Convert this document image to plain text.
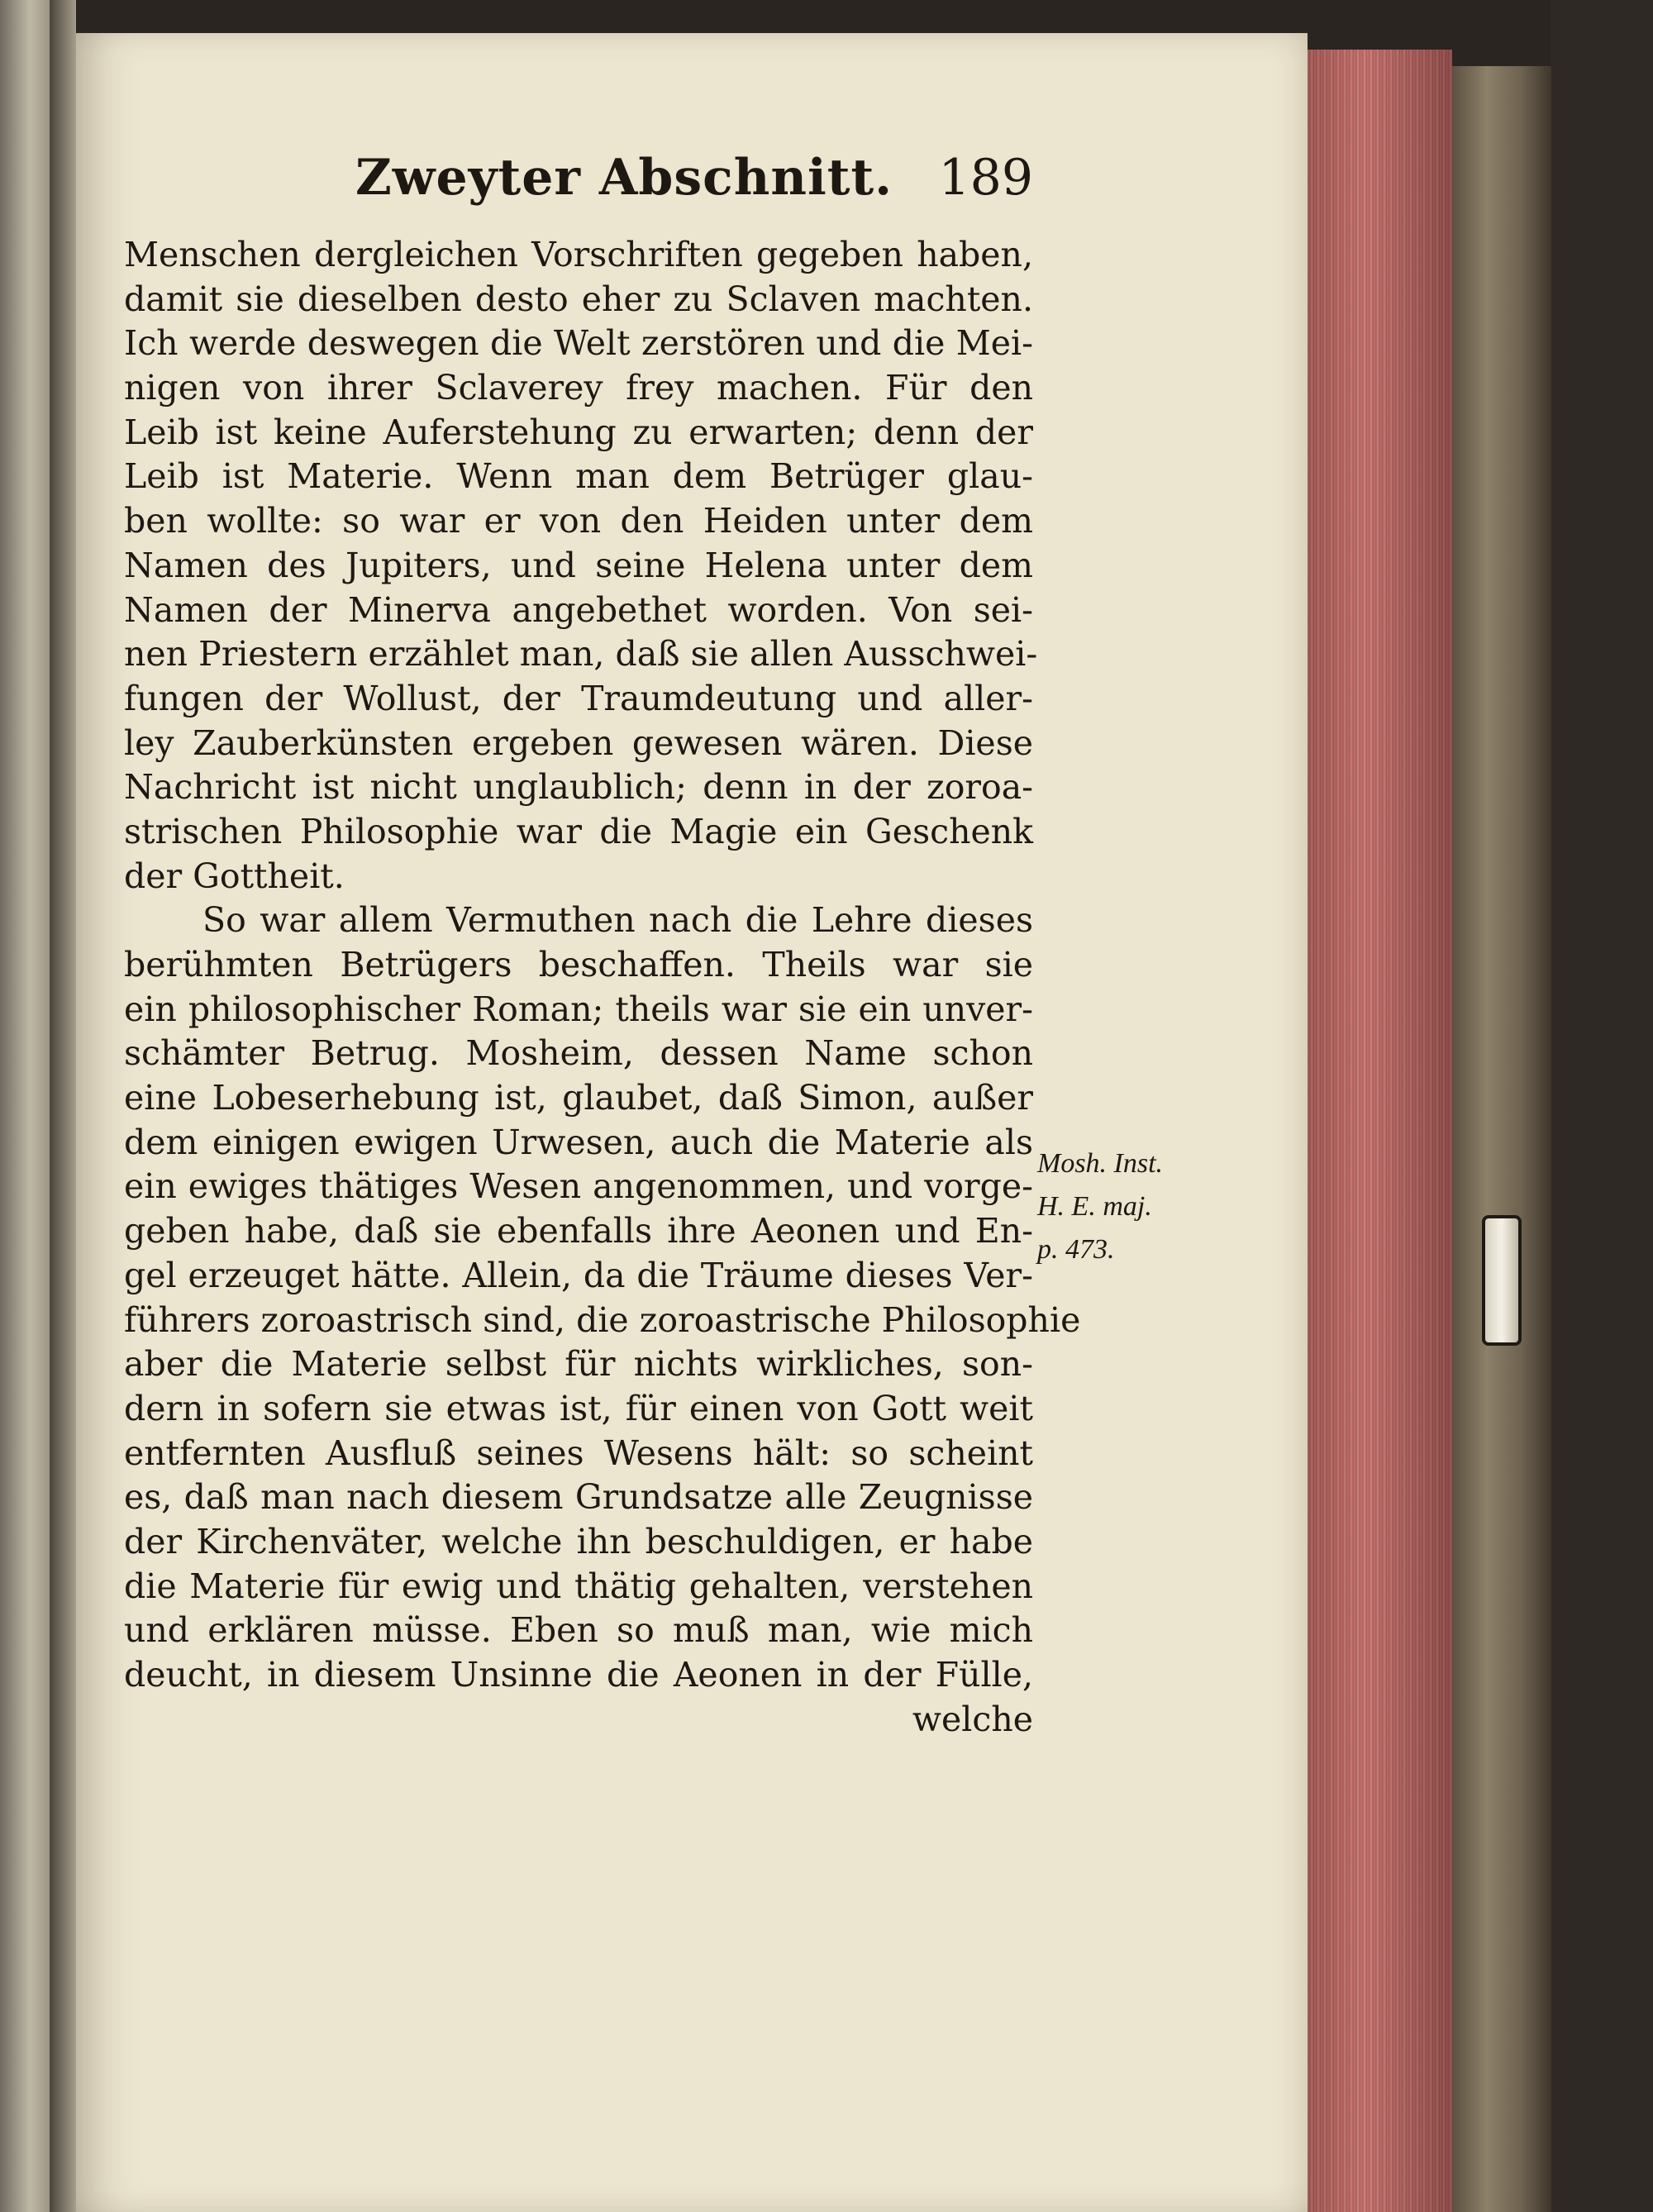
Zweyter Abschnitt. 189
Menschen dergleichen Vorschriften gegeben haben,
damit sie dieselben desto eher zu Sclaven machten.
Ich werde deswegen die Welt zerstören und die Mei-
nigen von ihrer Sclaverey frey machen. Für den
Leib ist keine Auferstehung zu erwarten; denn der
Leib ist Materie. Wenn man dem Betrüger glau-
ben wollte: so war er von den Heiden unter dem
Namen des Jupiters, und seine Helena unter dem
Namen der Minerva angebethet worden. Von sei-
nen Priestern erzählet man, daß sie allen Ausschwei-
fungen der Wollust, der Traumdeutung und aller-
ley Zauberkünsten ergeben gewesen wären. Diese
Nachricht ist nicht unglaublich; denn in der zoroa-
strischen Philosophie war die Magie ein Geschenk
der Gottheit.
So war allem Vermuthen nach die Lehre dieses
berühmten Betrügers beschaffen. Theils war sie
ein philosophischer Roman; theils war sie ein unver-
schämter Betrug. Mosheim, dessen Name schon
eine Lobeserhebung ist, glaubet, daß Simon, außer
dem einigen ewigen Urwesen, auch die Materie als
ein ewiges thätiges Wesen angenommen, und vorge-
geben habe, daß sie ebenfalls ihre Aeonen und En-
gel erzeuget hätte. Allein, da die Träume dieses Ver-
führers zoroastrisch sind, die zoroastrische Philosophie
aber die Materie selbst für nichts wirkliches, son-
dern in sofern sie etwas ist, für einen von Gott weit
entfernten Ausfluß seines Wesens hält: so scheint
es, daß man nach diesem Grundsatze alle Zeugnisse
der Kirchenväter, welche ihn beschuldigen, er habe
die Materie für ewig und thätig gehalten, verstehen
und erklären müsse. Eben so muß man, wie mich
deucht, in diesem Unsinne die Aeonen in der Fülle,
welche
Mosh. Inst.
H. E. maj.
p. 473.
